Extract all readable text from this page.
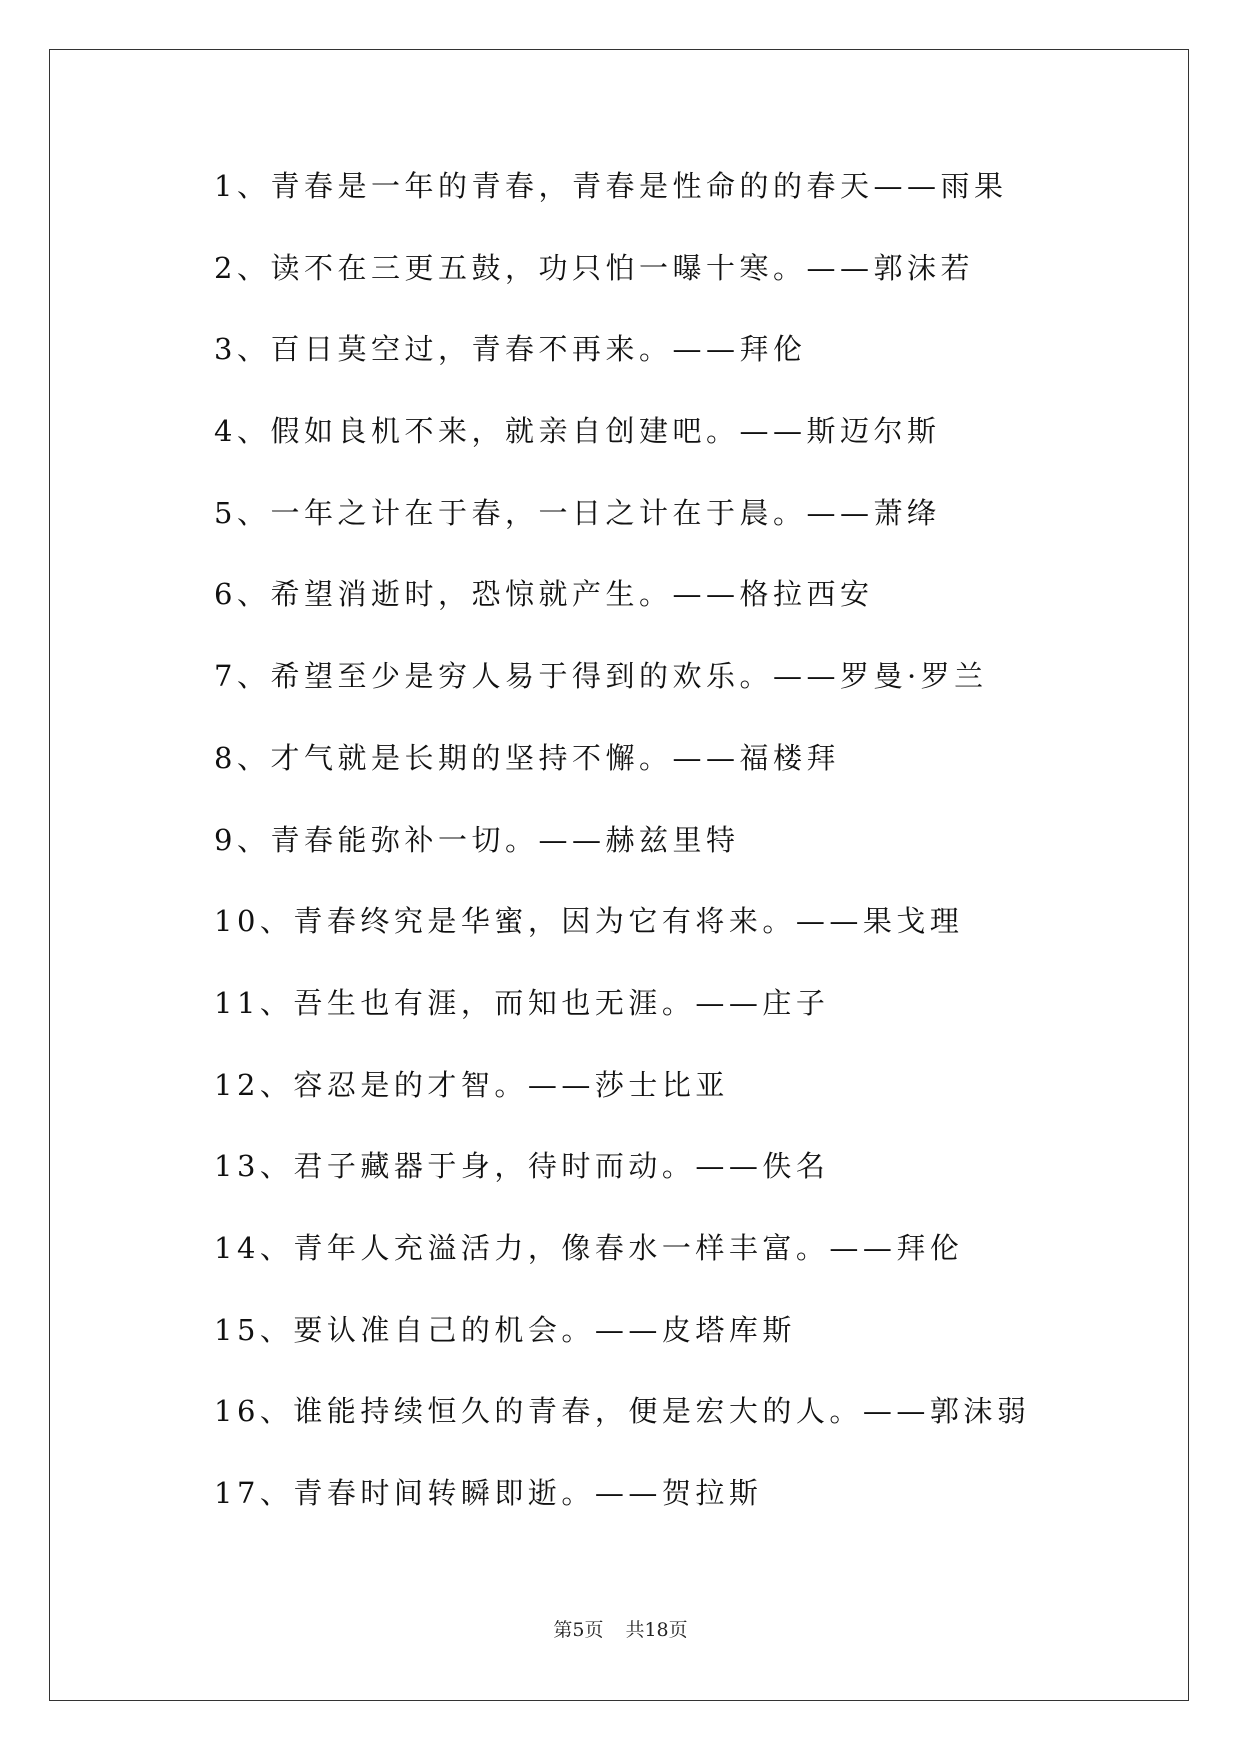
1、青春是一年的青春，青春是性命的的春天——雨果
2、读不在三更五鼓，功只怕一曝十寒。——郭沫若
3、百日莫空过，青春不再来。——拜伦
4、假如良机不来，就亲自创建吧。——斯迈尔斯
5、一年之计在于春，一日之计在于晨。——萧绛
6、希望消逝时，恐惊就产生。——格拉西安
7、希望至少是穷人易于得到的欢乐。——罗曼·罗兰
8、才气就是长期的坚持不懈。——福楼拜
9、青春能弥补一切。——赫兹里特
10、青春终究是华蜜，因为它有将来。——果戈理
11、吾生也有涯，而知也无涯。——庄子
12、容忍是的才智。——莎士比亚
13、君子藏器于身，待时而动。——佚名
14、青年人充溢活力，像春水一样丰富。——拜伦
15、要认准自己的机会。——皮塔库斯
16、谁能持续恒久的青春，便是宏大的人。——郭沫弱
17、青春时间转瞬即逝。——贺拉斯
第5页 共18页
